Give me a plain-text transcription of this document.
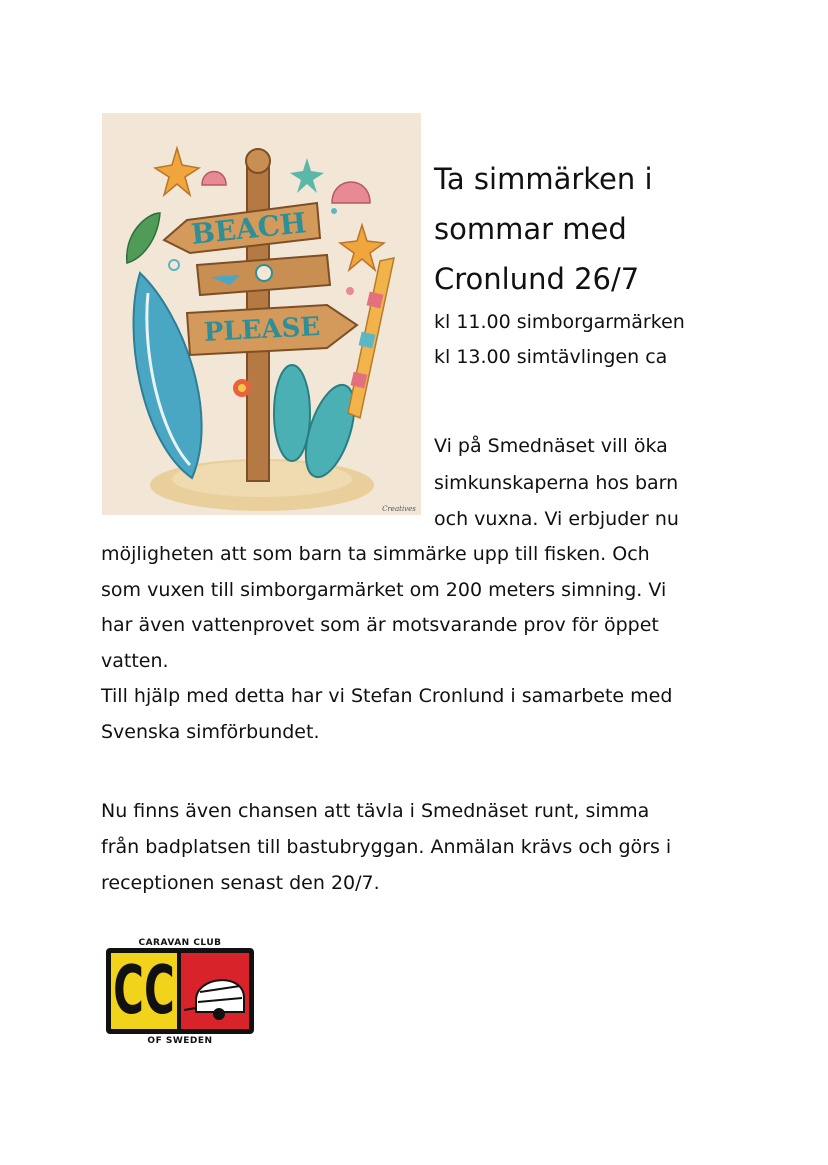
BEACH
PLEASE
Creatives
Ta simmärken i
sommar med
Cronlund 26/7
kl 11.00 simborgarmärken
kl 13.00 simtävlingen ca
Vi på Smednäset vill öka
simkunskaperna hos barn
och vuxna. Vi erbjuder nu
möjligheten att som barn ta simmärke upp till fisken. Och
som vuxen till simborgarmärket om 200 meters simning. Vi
har även vattenprovet som är motsvarande prov för öppet
vatten.
Till hjälp med detta har vi Stefan Cronlund i samarbete med
Svenska simförbundet.
Nu finns även chansen att tävla i Smednäset runt, simma
från badplatsen till bastubryggan. Anmälan krävs och görs i
receptionen senast den 20/7.
CARAVAN CLUB
CC
OF SWEDEN
